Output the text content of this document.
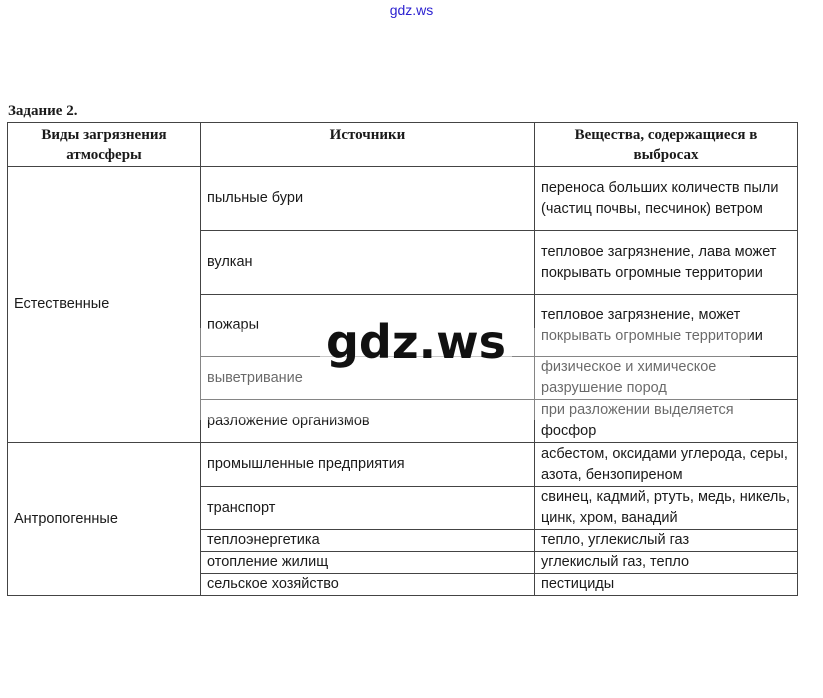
gdz.ws
Задание 2.
Виды загрязнения атмосферы	Источники	Вещества, содержащиеся в выбросах
Естественные	пыльные бури	переноса больших количеств пыли (частиц почвы, песчинок) ветром
	вулкан	тепловое загрязнение, лава может покрывать огромные территории
	пожары	тепловое загрязнение, может покрывать огромные территории
	выветривание	физическое и химическое разрушение пород
	разложение организмов	при разложении выделяется фосфор
Антропогенные	промышленные предприятия	асбестом, оксидами углерода, серы, азота, бензопиреном
	транспорт	свинец, кадмий, ртуть, медь, никель, цинк, хром, ванадий
	теплоэнергетика	тепло, углекислый газ
	отопление жилищ	углекислый газ, тепло
	сельское хозяйство	пестициды
gdz.ws
